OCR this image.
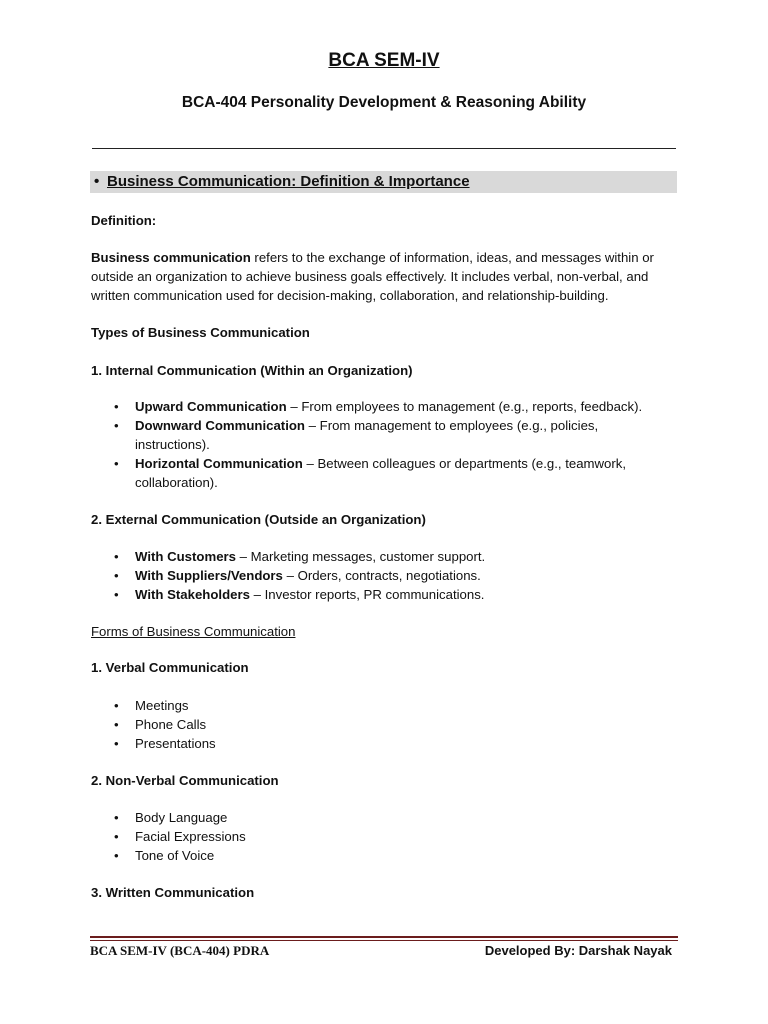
BCA SEM-IV
BCA-404 Personality Development & Reasoning Ability
• Business Communication: Definition & Importance
Definition:
Business communication refers to the exchange of information, ideas, and messages within or outside an organization to achieve business goals effectively. It includes verbal, non-verbal, and written communication used for decision-making, collaboration, and relationship-building.
Types of Business Communication
1. Internal Communication (Within an Organization)
• Upward Communication – From employees to management (e.g., reports, feedback).
• Downward Communication – From management to employees (e.g., policies, instructions).
• Horizontal Communication – Between colleagues or departments (e.g., teamwork, collaboration).
2. External Communication (Outside an Organization)
• With Customers – Marketing messages, customer support.
• With Suppliers/Vendors – Orders, contracts, negotiations.
• With Stakeholders – Investor reports, PR communications.
Forms of Business Communication
1. Verbal Communication
• Meetings
• Phone Calls
• Presentations
2. Non-Verbal Communication
• Body Language
• Facial Expressions
• Tone of Voice
3. Written Communication
BCA SEM-IV (BCA-404) PDRA	Developed By: Darshak Nayak
